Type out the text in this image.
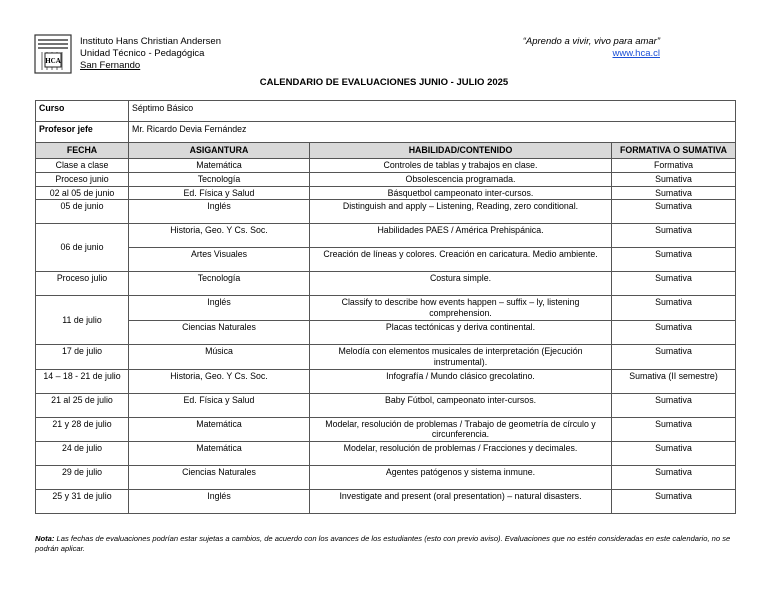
HCA
Instituto Hans Christian Andersen
Unidad Técnico - Pedagógica
San Fernando
“Aprendo a vivir, vivo para amar”
www.hca.cl
CALENDARIO DE EVALUACIONES JUNIO - JULIO 2025
Curso	Séptimo Básico		
Profesor jefe	Mr. Ricardo Devia Fernández		
FECHA	ASIGANTURA	HABILIDAD/CONTENIDO	FORMATIVA O SUMATIVA
Clase a clase	Matemática	Controles de tablas y trabajos en clase.	Formativa
Proceso junio	Tecnología	Obsolescencia programada.	Sumativa
02 al 05 de junio	Ed. Física y Salud	Básquetbol campeonato inter-cursos.	Sumativa
05 de junio	Inglés	Distinguish and apply – Listening, Reading, zero conditional.	Sumativa
06 de junio	Historia, Geo. Y Cs. Soc.	Habilidades PAES / América Prehispánica.	Sumativa
	Artes Visuales	Creación de líneas y colores. Creación en caricatura. Medio ambiente.	Sumativa
Proceso julio	Tecnología	Costura simple.	Sumativa
11 de julio	Inglés	Classify to describe how events happen – suffix – ly, listening comprehension.	Sumativa
	Ciencias Naturales	Placas tectónicas y deriva continental.	Sumativa
17 de julio	Música	Melodía con elementos musicales de interpretación (Ejecución instrumental).	Sumativa
14 – 18 - 21 de julio	Historia, Geo. Y Cs. Soc.	Infografía / Mundo clásico grecolatino.	Sumativa (II semestre)
21 al 25 de julio	Ed. Física y Salud	Baby Fútbol, campeonato inter-cursos.	Sumativa
21 y 28 de julio	Matemática	Modelar, resolución de problemas / Trabajo de geometría de círculo y circunferencia.	Sumativa
24 de julio	Matemática	Modelar, resolución de problemas / Fracciones y decimales.	Sumativa
29 de julio	Ciencias Naturales	Agentes patógenos y sistema inmune.	Sumativa
25 y 31 de julio	Inglés	Investigate and present (oral presentation) – natural disasters.	Sumativa
Nota: Las fechas de evaluaciones podrían estar sujetas a cambios, de acuerdo con los avances de los estudiantes (esto con previo aviso). Evaluaciones que no estén consideradas en este calendario, no se podrán aplicar.
